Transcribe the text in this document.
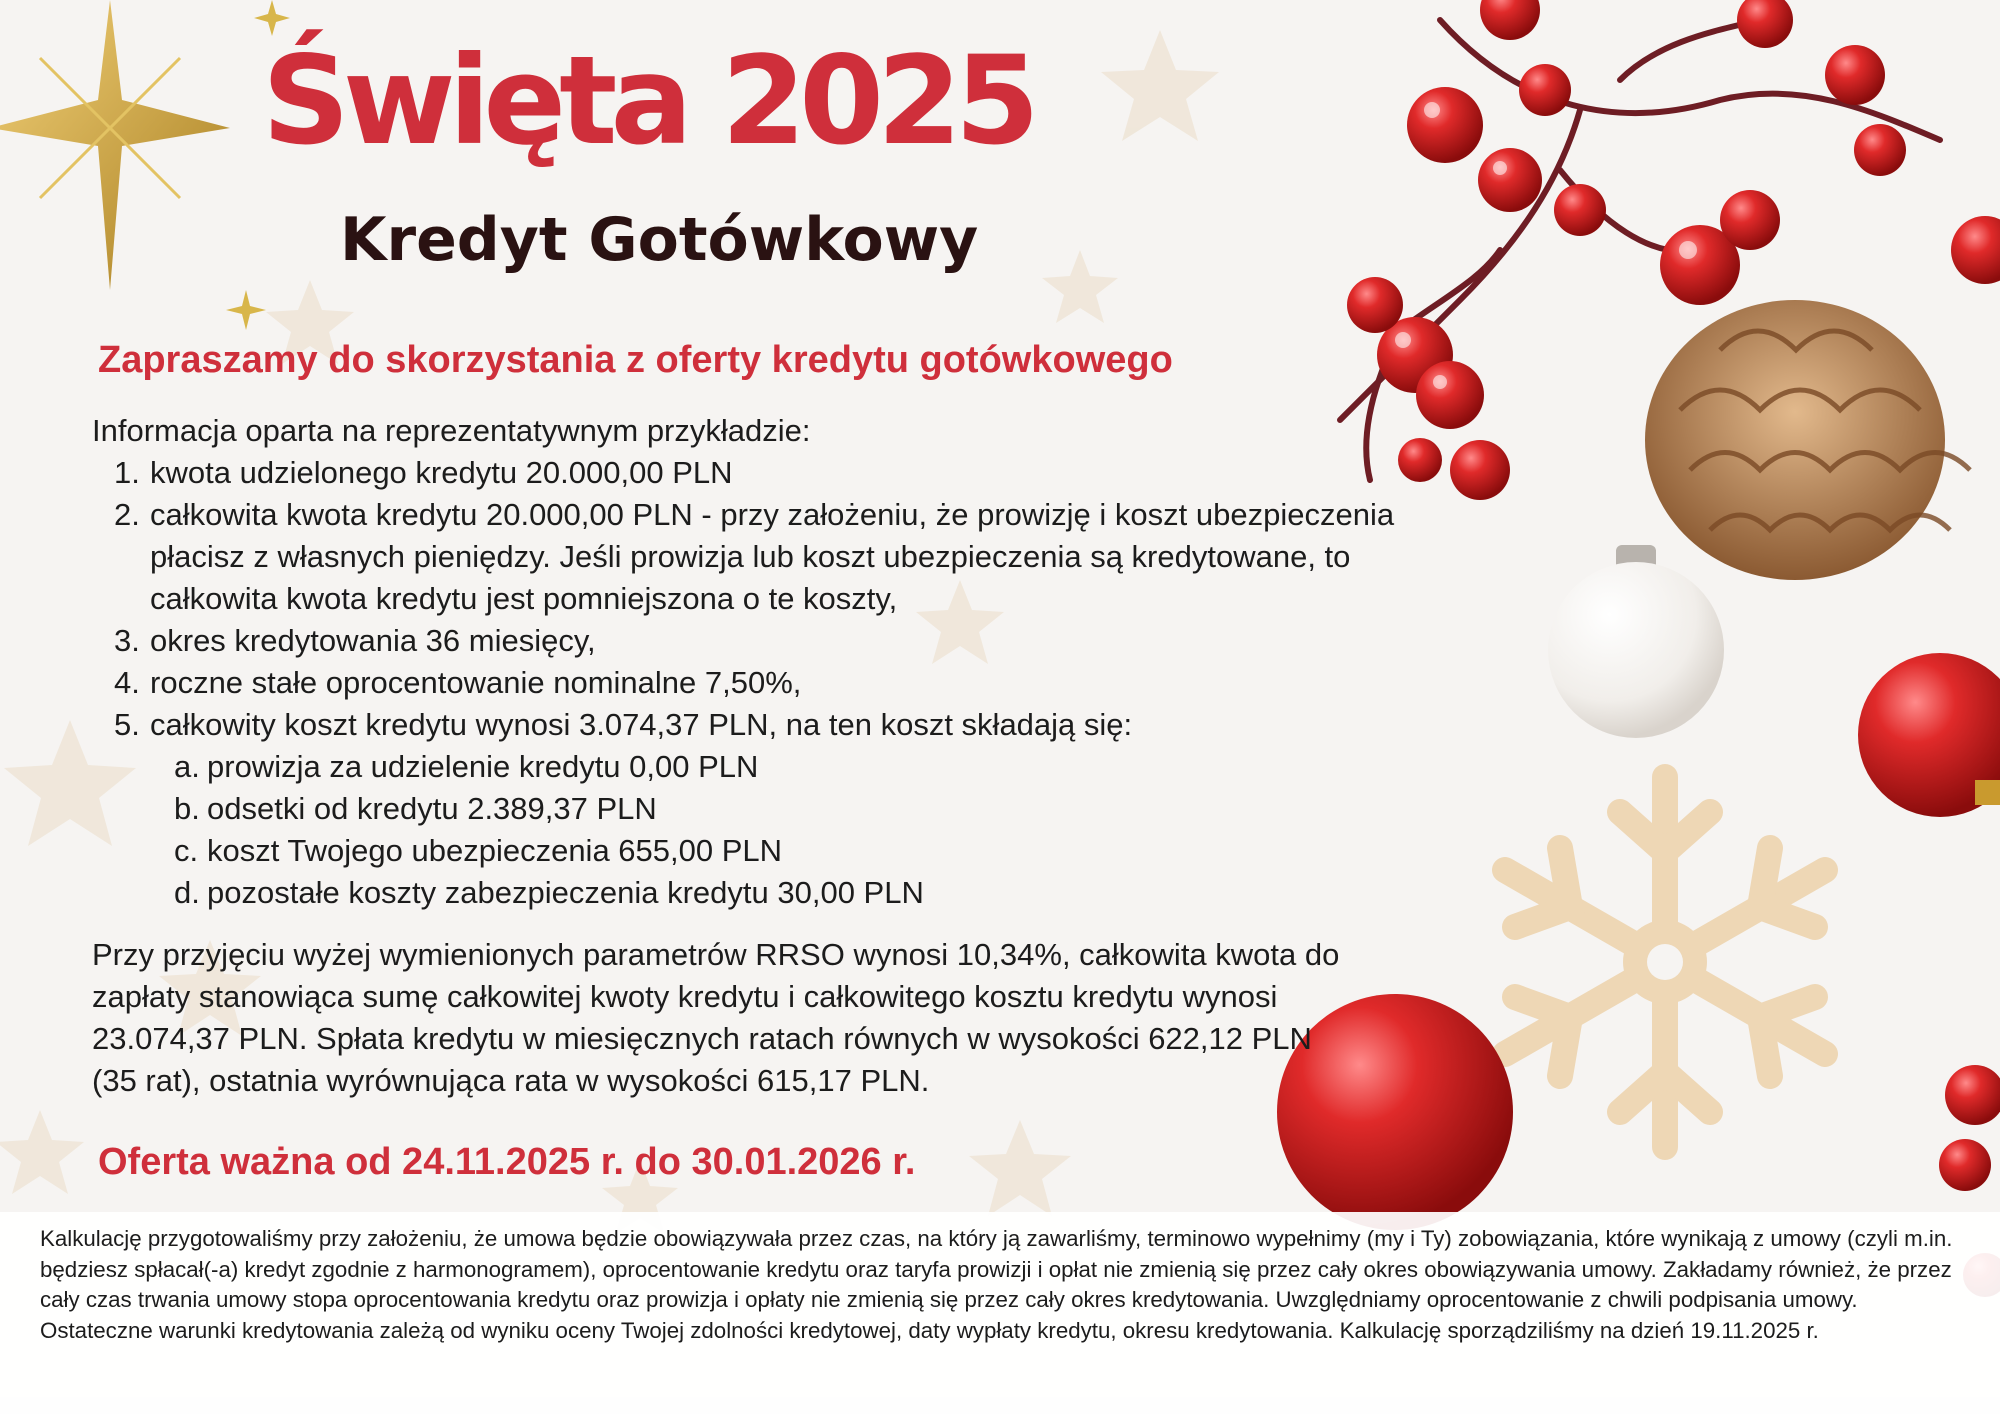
Święta 2025
Kredyt Gotówkowy

Zapraszamy do skorzystania z oferty kredytu gotówkowego

Informacja oparta na reprezentatywnym przykładzie:

1. kwota udzielonego kredytu 20.000,00 PLN
2. całkowita kwota kredytu 20.000,00 PLN - przy założeniu, że prowizję i koszt ubezpieczenia płacisz z własnych pieniędzy. Jeśli prowizja lub koszt ubezpieczenia są kredytowane, to całkowita kwota kredytu jest pomniejszona o te koszty,
3. okres kredytowania 36 miesięcy,
4. roczne stałe oprocentowanie nominalne 7,50%,
5. całkowity koszt kredytu wynosi 3.074,37 PLN, na ten koszt składają się:
a. prowizja za udzielenie kredytu 0,00 PLN
b. odsetki od kredytu 2.389,37 PLN
c. koszt Twojego ubezpieczenia 655,00 PLN
d. pozostałe koszty zabezpieczenia kredytu 30,00 PLN

Przy przyjęciu wyżej wymienionych parametrów RRSO wynosi 10,34%, całkowita kwota do zapłaty stanowiąca sumę całkowitej kwoty kredytu i całkowitego kosztu kredytu wynosi 23.074,37 PLN. Spłata kredytu w miesięcznych ratach równych w wysokości 622,12 PLN (35 rat), ostatnia wyrównująca rata w wysokości 615,17 PLN.

Oferta ważna od 24.11.2025 r. do 30.01.2026 r.

Kalkulację przygotowaliśmy przy założeniu, że umowa będzie obowiązywała przez czas, na który ją zawarliśmy, terminowo wypełnimy (my i Ty) zobowiązania, które wynikają z umowy (czyli m.in. będziesz spłacał(-a) kredyt zgodnie z harmonogramem), oprocentowanie kredytu oraz taryfa prowizji i opłat nie zmienią się przez cały okres obowiązywania umowy. Zakładamy również, że przez cały czas trwania umowy stopa oprocentowania kredytu oraz prowizja i opłaty nie zmienią się przez cały okres kredytowania. Uwzględniamy oprocentowanie z chwili podpisania umowy. Ostateczne warunki kredytowania zależą od wyniku oceny Twojej zdolności kredytowej, daty wypłaty kredytu, okresu kredytowania. Kalkulację sporządziliśmy na dzień 19.11.2025 r.
